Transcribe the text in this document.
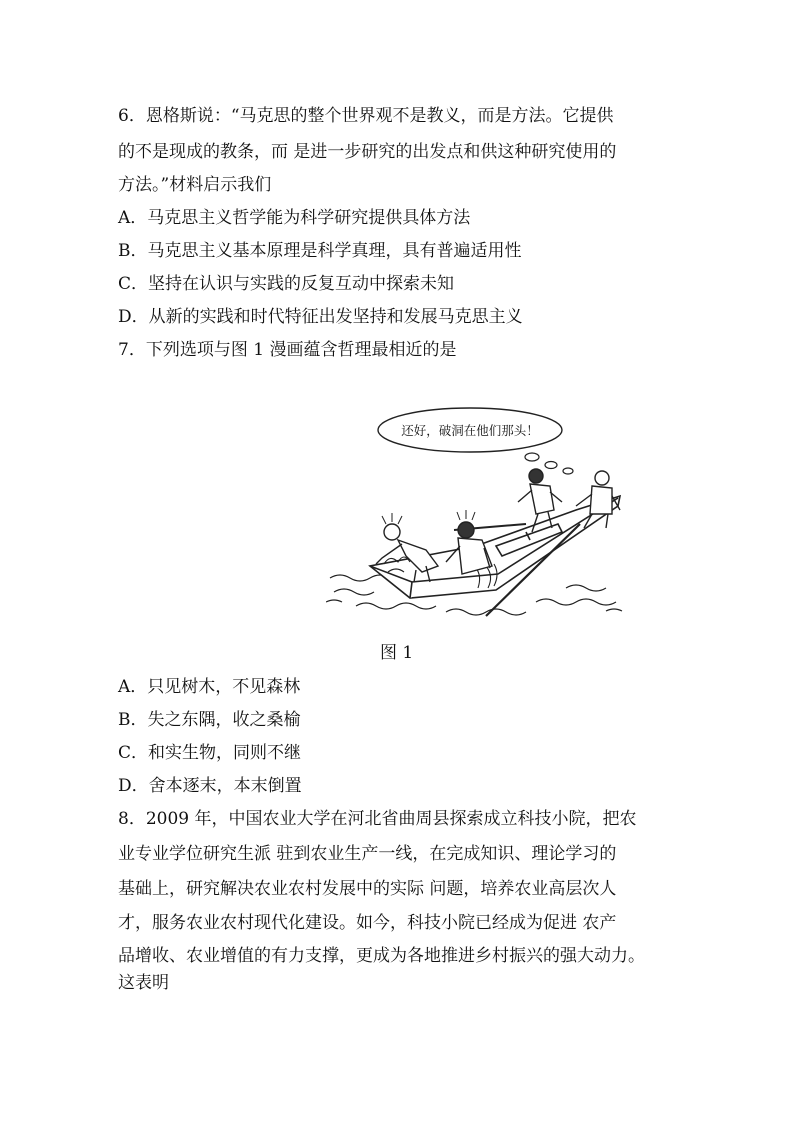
6．恩格斯说：“马克思的整个世界观不是教义，而是方法。它提供
的不是现成的教条，而 是进一步研究的出发点和供这种研究使用的
方法。”材料启示我们
A．马克思主义哲学能为科学研究提供具体方法
B．马克思主义基本原理是科学真理，具有普遍适用性
C．坚持在认识与实践的反复互动中探索未知
D．从新的实践和时代特征出发坚持和发展马克思主义
7．下列选项与图 1 漫画蕴含哲理最相近的是
还好，破洞在他们那头！
图 1
A．只见树木，不见森林
B．失之东隅，收之桑榆
C．和实生物，同则不继
D．舍本逐末，本末倒置
8．2009 年，中国农业大学在河北省曲周县探索成立科技小院，把农
业专业学位研究生派 驻到农业生产一线，在完成知识、理论学习的
基础上，研究解决农业农村发展中的实际 问题，培养农业高层次人
才，服务农业农村现代化建设。如今，科技小院已经成为促进 农产
品增收、农业增值的有力支撑，更成为各地推进乡村振兴的强大动力。
这表明
